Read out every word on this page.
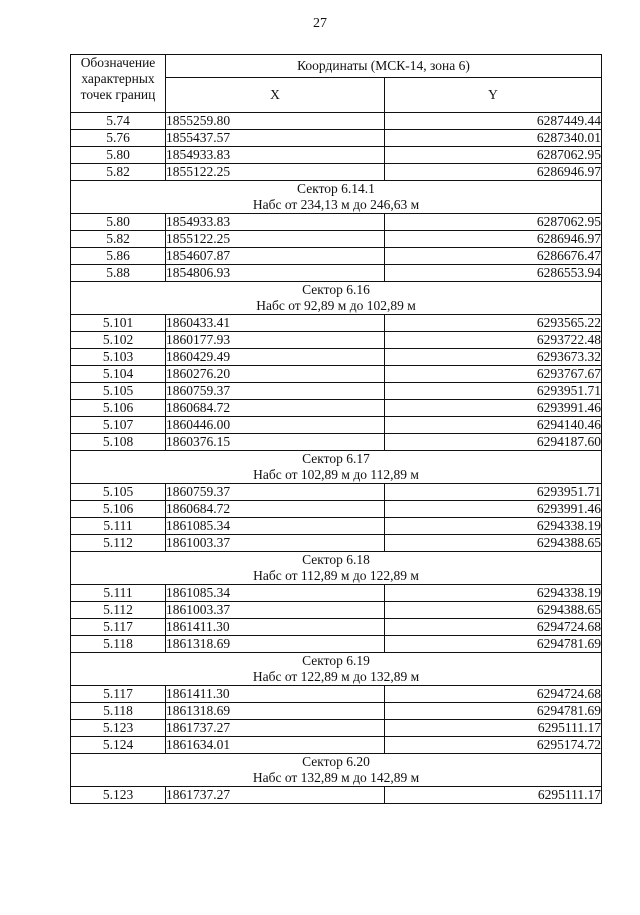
27
Обозначение характерных точек границ	Координаты (МСК-14, зона 6)	
	X	Y
5.74	1855259.80	6287449.44
5.76	1855437.57	6287340.01
5.80	1854933.83	6287062.95
5.82	1855122.25	6286946.97

Сектор 6.14.1
Набс от 234,13 м до 246,63 м		

5.80	1854933.83	6287062.95
5.82	1855122.25	6286946.97
5.86	1854607.87	6286676.47
5.88	1854806.93	6286553.94

Сектор 6.16
Набс от 92,89 м до 102,89 м		

5.101	1860433.41	6293565.22
5.102	1860177.93	6293722.48
5.103	1860429.49	6293673.32
5.104	1860276.20	6293767.67
5.105	1860759.37	6293951.71
5.106	1860684.72	6293991.46
5.107	1860446.00	6294140.46
5.108	1860376.15	6294187.60

Сектор 6.17
Набс от 102,89 м до 112,89 м		

5.105	1860759.37	6293951.71
5.106	1860684.72	6293991.46
5.111	1861085.34	6294338.19
5.112	1861003.37	6294388.65

Сектор 6.18
Набс от 112,89 м до 122,89 м		

5.111	1861085.34	6294338.19
5.112	1861003.37	6294388.65
5.117	1861411.30	6294724.68
5.118	1861318.69	6294781.69

Сектор 6.19
Набс от 122,89 м до 132,89 м		

5.117	1861411.30	6294724.68
5.118	1861318.69	6294781.69
5.123	1861737.27	6295111.17
5.124	1861634.01	6295174.72

Сектор 6.20
Набс от 132,89 м до 142,89 м		

5.123	1861737.27	6295111.17
